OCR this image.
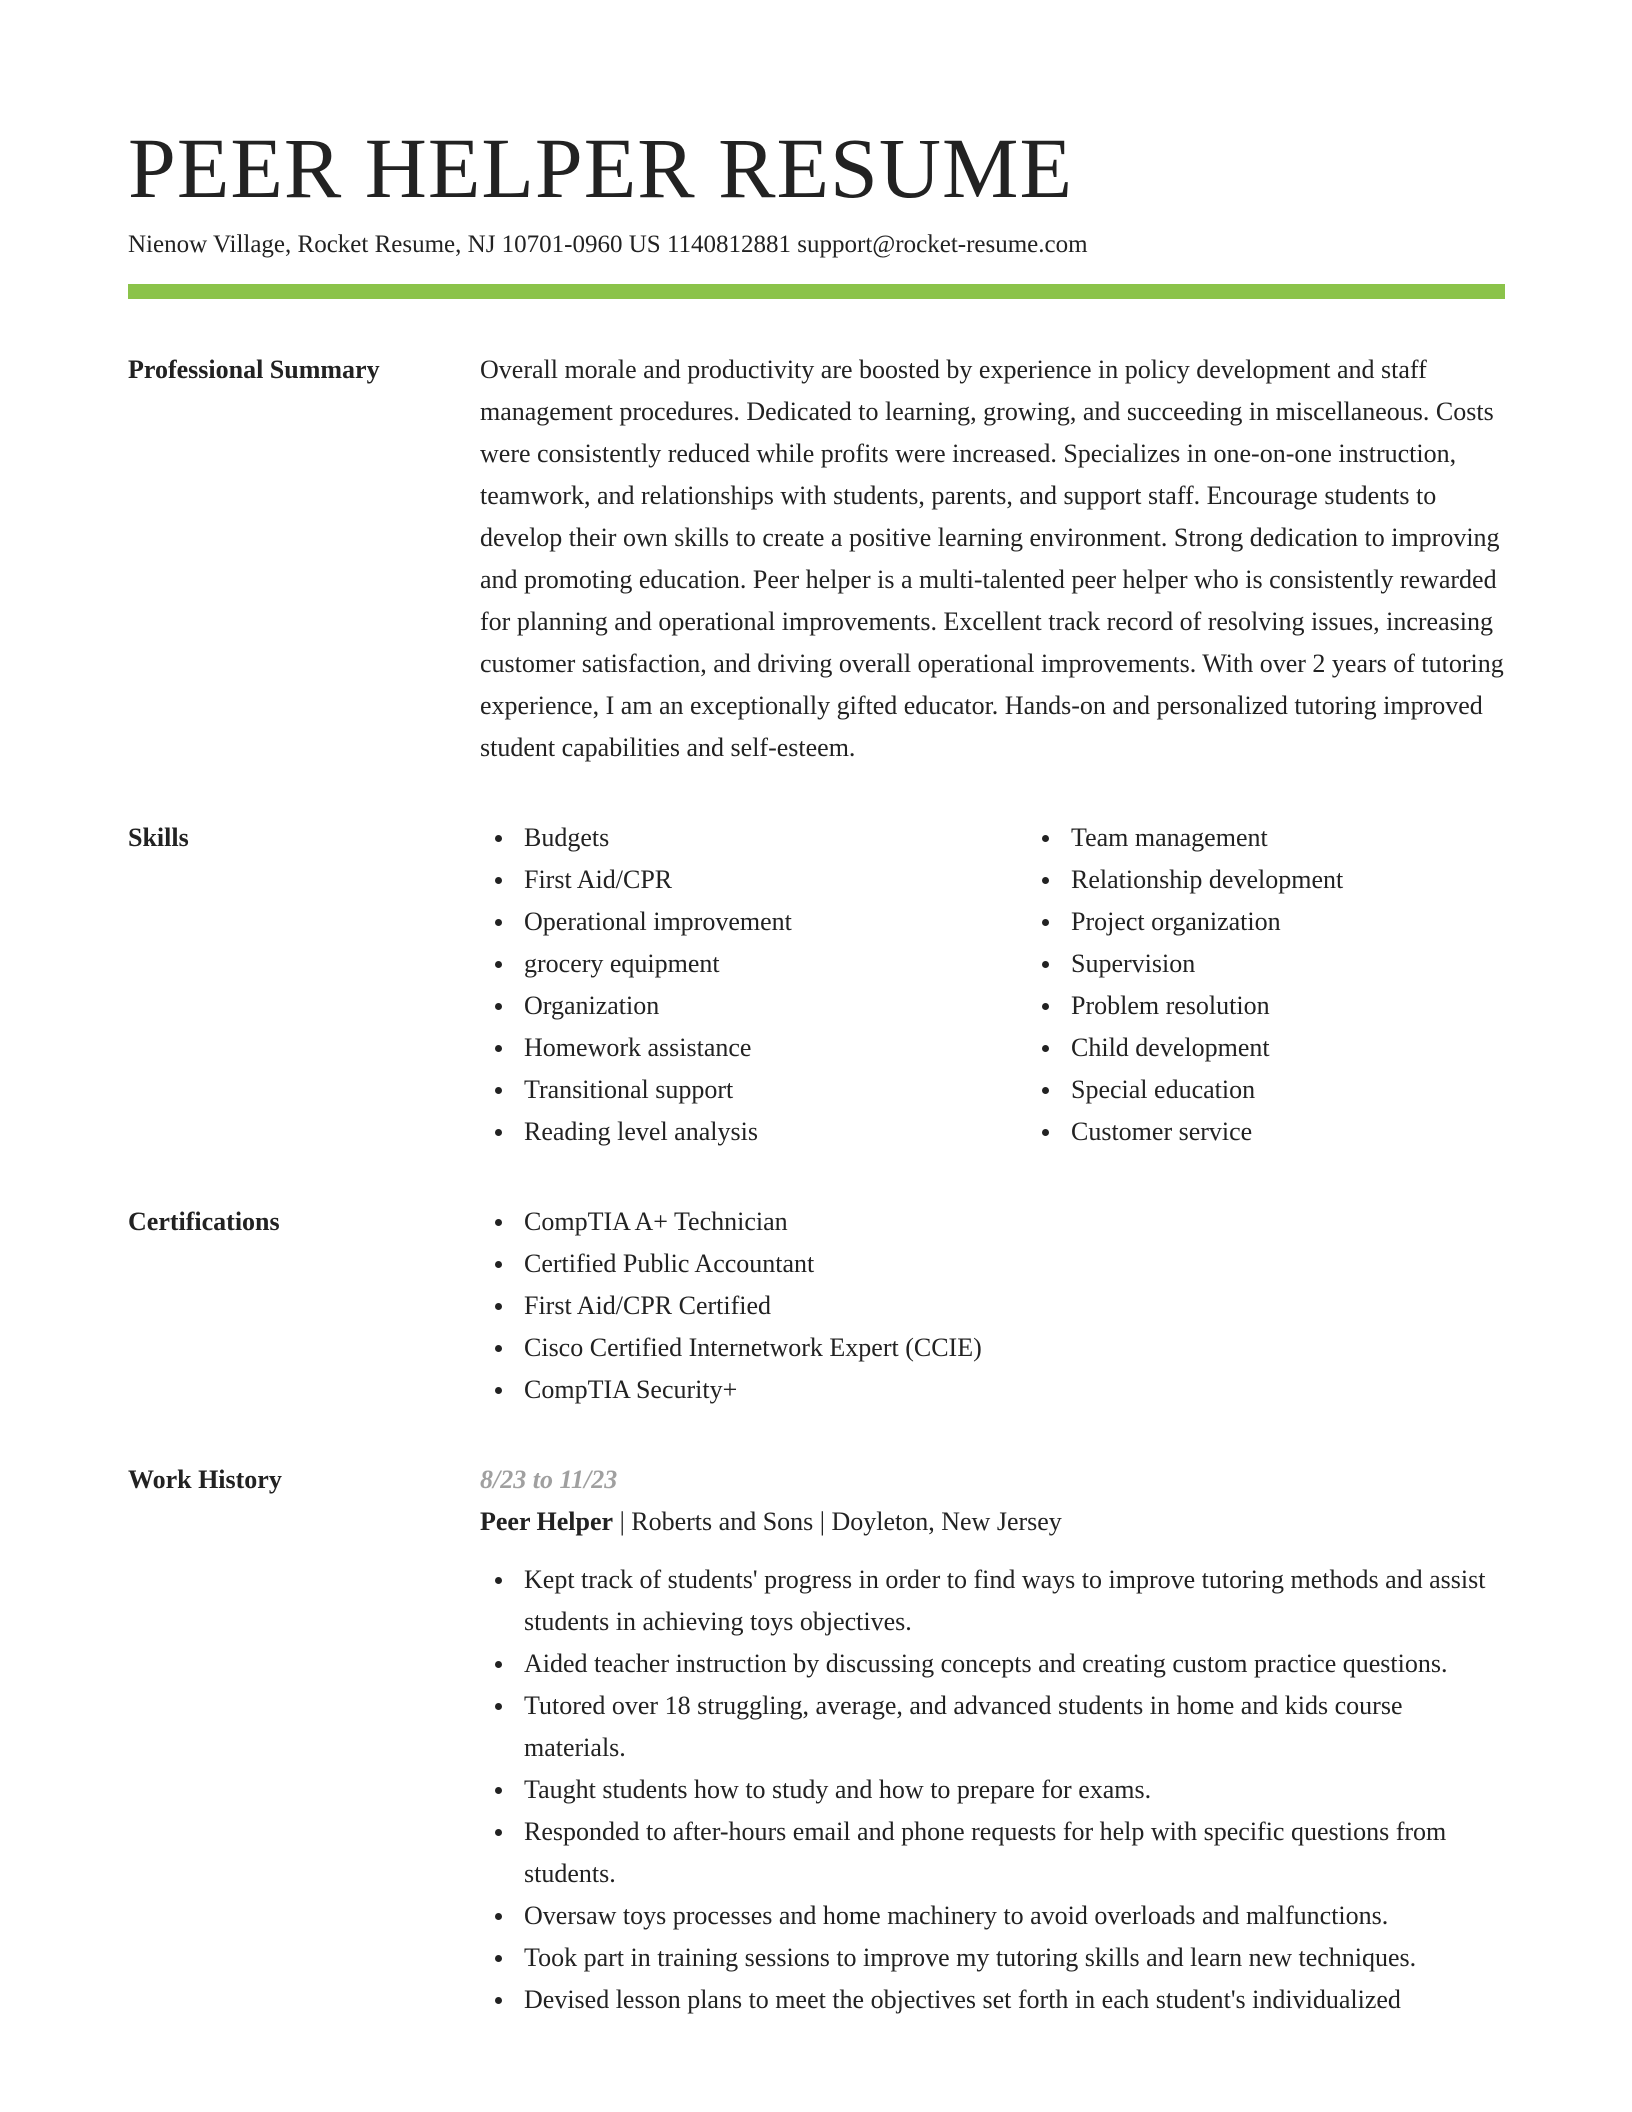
PEER HELPER RESUME
Nienow Village, Rocket Resume, NJ 10701-0960 US 1140812881 support@rocket-resume.com
Professional Summary	Overall morale and productivity are boosted by experience in policy development and staff management procedures. Dedicated to learning, growing, and succeeding in miscellaneous. Costs were consistently reduced while profits were increased. Specializes in one-on-one instruction, teamwork, and relationships with students, parents, and support staff. Encourage students to develop their own skills to create a positive learning environment. Strong dedication to improving and promoting education. Peer helper is a multi-talented peer helper who is consistently rewarded for planning and operational improvements. Excellent track record of resolving issues, increasing customer satisfaction, and driving overall operational improvements. With over 2 years of tutoring experience, I am an exceptionally gifted educator. Hands-on and personalized tutoring improved student capabilities and self-esteem.

Skills	Budgets
First Aid/CPR
Operational improvement
grocery equipment
Organization
Homework assistance
Transitional support
Reading level analysis
Team management
Relationship development
Project organization
Supervision
Problem resolution
Child development
Special education
Customer service
Certifications	CompTIA A+ Technician
Certified Public Accountant
First Aid/CPR Certified
Cisco Certified Internetwork Expert (CCIE)
CompTIA Security+
Work History	8/23 to 11/23
Peer Helper | Roberts and Sons | Doyleton, New Jersey
Kept track of students' progress in order to find ways to improve tutoring methods and assist students in achieving toys objectives.
Aided teacher instruction by discussing concepts and creating custom practice questions.
Tutored over 18 struggling, average, and advanced students in home and kids course materials.
Taught students how to study and how to prepare for exams.
Responded to after-hours email and phone requests for help with specific questions from students.
Oversaw toys processes and home machinery to avoid overloads and malfunctions.
Took part in training sessions to improve my tutoring skills and learn new techniques.
Devised lesson plans to meet the objectives set forth in each student's individualized
